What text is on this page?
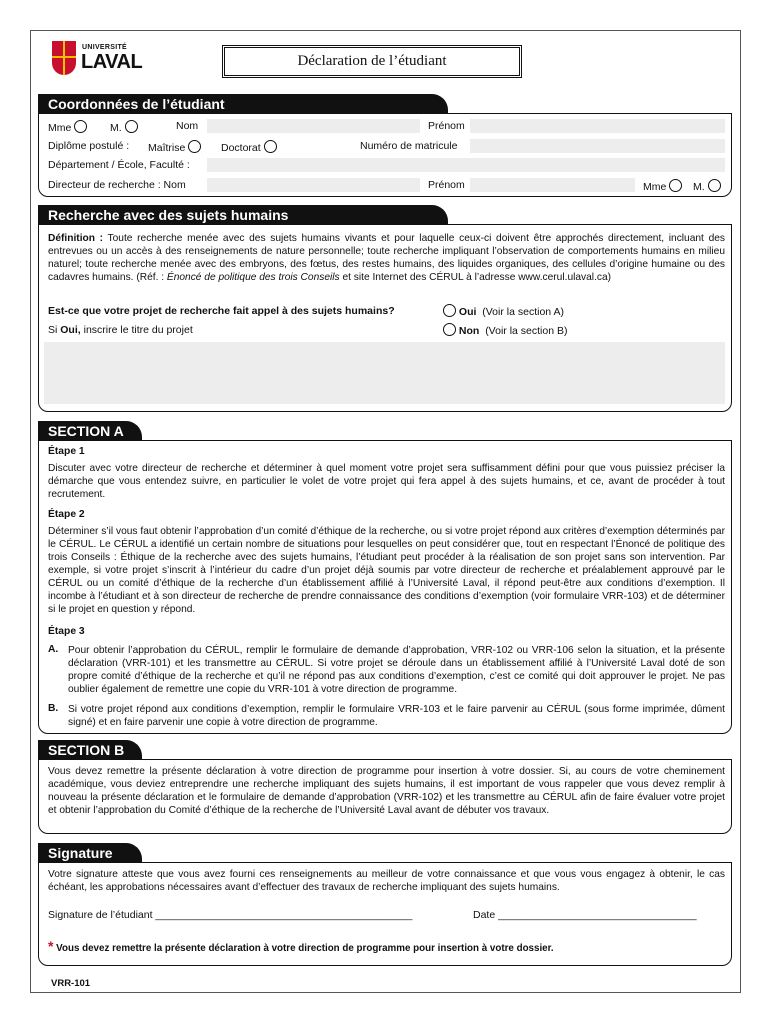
UNIVERSITÉ
LAVAL	Déclaration de l’étudiant
Coordonnées de l’étudiant
Mme	M.	Nom	Prénom
Diplôme postulé : Maîtrise	Doctorat	Numéro de matricule
Département / École, Faculté :
Directeur de recherche : Nom	Prénom	Mme	M.
Recherche avec des sujets humains
Définition : Toute recherche menée avec des sujets humains vivants et pour laquelle ceux-ci doivent être approchés directement, incluant des entrevues ou un accès à des renseignements de nature personnelle; toute recherche impliquant l’observation de comportements humains en milieu naturel; toute recherche menée avec des embryons, des fœtus, des restes humains, des liquides organiques, des cellules d’origine humaine ou des cadavres humains. (Réf. : Énoncé de politique des trois Conseils et site Internet des CÉRUL à l’adresse www.cerul.ulaval.ca)
Est-ce que votre projet de recherche fait appel à des sujets humains?	Oui (Voir la section A)
Si Oui, inscrire le titre du projet	Non (Voir la section B)
SECTION A
Étape 1
Discuter avec votre directeur de recherche et déterminer à quel moment votre projet sera suffisamment défini pour que vous puissiez préciser la démarche que vous entendez suivre, en particulier le volet de votre projet qui fera appel à des sujets humains, et ce, avant de procéder à tout recrutement.
Étape 2
Déterminer s’il vous faut obtenir l’approbation d’un comité d’éthique de la recherche, ou si votre projet répond aux critères d’exemption déterminés par le CÉRUL. Le CÉRUL a identifié un certain nombre de situations pour lesquelles on peut considérer que, tout en respectant l’Énoncé de politique des trois Conseils : Éthique de la recherche avec des sujets humains, l’étudiant peut procéder à la réalisation de son projet sans son intervention. Par exemple, si votre projet s’inscrit à l’intérieur du cadre d’un projet déjà soumis par votre directeur de recherche et préalablement approuvé par le CÉRUL ou un comité d’éthique de la recherche d’un établissement affilié à l’Université Laval, il répond peut-être aux conditions d’exemption. Il incombe à l’étudiant et à son directeur de recherche de prendre connaissance des conditions d’exemption (voir formulaire VRR-103) et de déterminer si le projet en question y répond.
Étape 3
A. Pour obtenir l’approbation du CÉRUL, remplir le formulaire de demande d’approbation, VRR-102 ou VRR-106 selon la situation, et la présente déclaration (VRR-101) et les transmettre au CÉRUL. Si votre projet se déroule dans un établissement affilié à l’Université Laval doté de son propre comité d’éthique de la recherche et qu’il ne répond pas aux conditions d’exemption, c’est ce comité qui doit approuver le projet. Ne pas oublier également de remettre une copie du VRR-101 à votre direction de programme.
B. Si votre projet répond aux conditions d’exemption, remplir le formulaire VRR-103 et le faire parvenir au CÉRUL (sous forme imprimée, dûment signé) et en faire parvenir une copie à votre direction de programme.
SECTION B
Vous devez remettre la présente déclaration à votre direction de programme pour insertion à votre dossier. Si, au cours de votre cheminement académique, vous deviez entreprendre une recherche impliquant des sujets humains, il est important de vous rappeler que vous devez remplir à nouveau la présente déclaration et le formulaire de demande d’approbation (VRR-102) et les transmettre au CÉRUL afin de faire évaluer votre projet et obtenir l’approbation du Comité d’éthique de la recherche de l’Université Laval avant de débuter vos travaux.
Signature
Votre signature atteste que vous avez fourni ces renseignements au meilleur de votre connaissance et que vous vous engagez à obtenir, le cas échéant, les approbations nécessaires avant d’effectuer des travaux de recherche impliquant des sujets humains.
Signature de l’étudiant ____________________________________________	Date __________________________________
* Vous devez remettre la présente déclaration à votre direction de programme pour insertion à votre dossier.
VRR-101
